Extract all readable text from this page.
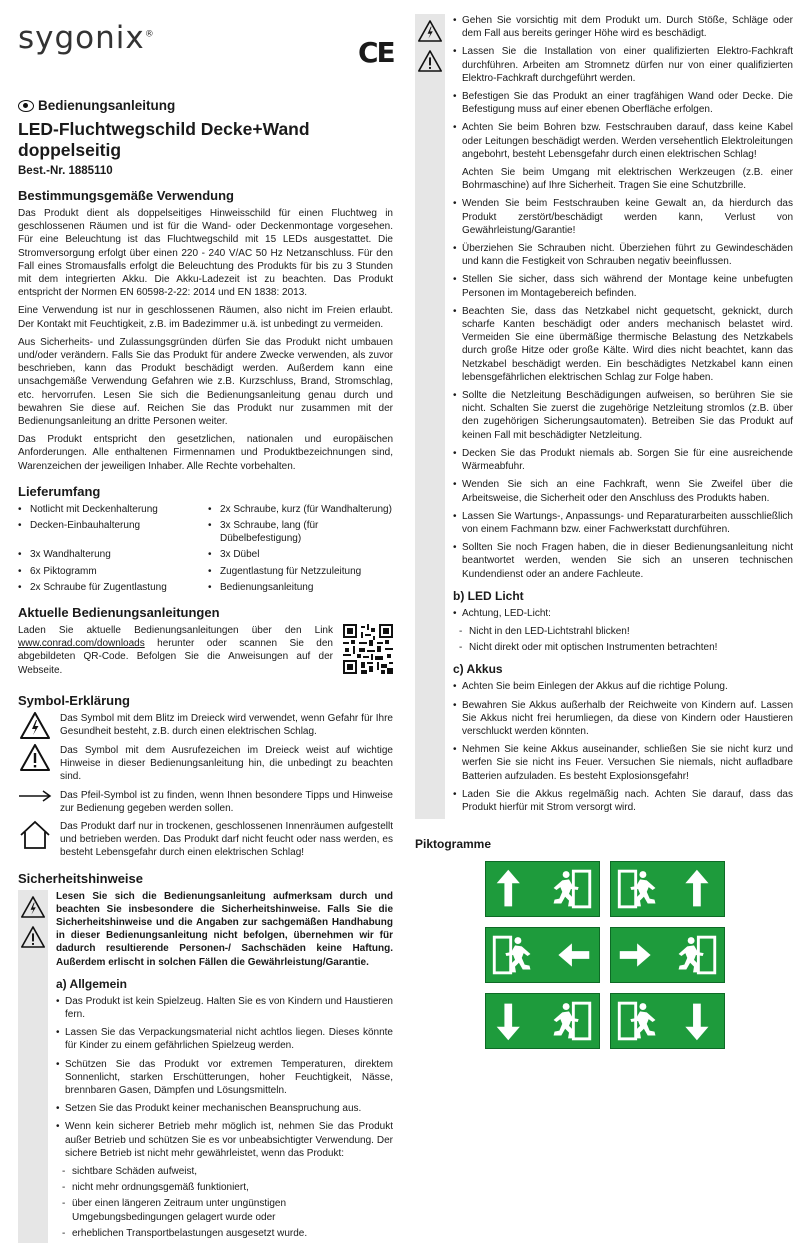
sygonix®
CE
Bedienungsanleitung
LED-Fluchtwegschild Decke+Wand doppelseitig
Best.-Nr. 1885110
Bestimmungsgemäße Verwendung

Das Produkt dient als doppelseitiges Hinweisschild für einen Fluchtweg in geschlossenen Räumen und ist für die Wand- oder Deckenmontage vorgesehen. Für eine Beleuchtung ist das Fluchtwegschild mit 15 LEDs ausgestattet. Die Stromversorgung erfolgt über einen 220 - 240 V/AC 50 Hz Netzanschluss. Für den Fall eines Stromausfalls erfolgt die Beleuchtung des Produkts für bis zu 3 Stunden mit dem integrierten Akku. Die Akku-Ladezeit ist zu beachten. Das Produkt entspricht der Normen EN 60598-2-22: 2014 und EN 1838: 2013.

Eine Verwendung ist nur in geschlossenen Räumen, also nicht im Freien erlaubt. Der Kontakt mit Feuchtigkeit, z.B. im Badezimmer u.ä. ist unbedingt zu vermeiden.

Aus Sicherheits- und Zulassungsgründen dürfen Sie das Produkt nicht umbauen und/oder verändern. Falls Sie das Produkt für andere Zwecke verwenden, als zuvor beschrieben, kann das Produkt beschädigt werden. Außerdem kann eine unsachgemäße Verwendung Gefahren wie z.B. Kurzschluss, Brand, Stromschlag, etc. hervorrufen. Lesen Sie sich die Bedienungsanleitung genau durch und bewahren Sie diese auf. Reichen Sie das Produkt nur zusammen mit der Bedienungsanleitung an dritte Personen weiter.

Das Produkt entspricht den gesetzlichen, nationalen und europäischen Anforderungen. Alle enthaltenen Firmennamen und Produktbezeichnungen sind, Warenzeichen der jeweiligen Inhaber. Alle Rechte vorbehalten.

Lieferumfang
• Notlicht mit Deckenhalterung	• 2x Schraube, kurz (für Wandhalterung)
• Decken-Einbauhalterung	• 3x Schraube, lang (für Dübelbefestigung)
• 3x Wandhalterung	• 3x Dübel
• 6x Piktogramm	• Zugentlastung für Netzzuleitung
• 2x Schraube für Zugentlastung	• Bedienungsanleitung
Aktuelle Bedienungsanleitungen

Laden Sie aktuelle Bedienungsanleitungen über den Link www.conrad.com/downloads herunter oder scannen Sie den abgebildeten QR-Code. Befolgen Sie die Anweisungen auf der Webseite.

Symbol-Erklärung

Das Symbol mit dem Blitz im Dreieck wird verwendet, wenn Gefahr für Ihre Gesundheit besteht, z.B. durch einen elektrischen Schlag.

Das Symbol mit dem Ausrufezeichen im Dreieck weist auf wichtige Hinweise in dieser Bedienungsanleitung hin, die unbedingt zu beachten sind.

Das Pfeil-Symbol ist zu finden, wenn Ihnen besondere Tipps und Hinweise zur Bedienung gegeben werden sollen.

Das Produkt darf nur in trockenen, geschlossenen Innenräumen aufgestellt und betrieben werden. Das Produkt darf nicht feucht oder nass werden, es besteht Lebensgefahr durch einen elektrischen Schlag!

Sicherheitshinweise

Lesen Sie sich die Bedienungsanleitung aufmerksam durch und beachten Sie insbesondere die Sicherheitshinweise. Falls Sie die Sicherheitshinweise und die Angaben zur sachgemäßen Handhabung in dieser Bedienungsanleitung nicht befolgen, übernehmen wir für dadurch resultierende Personen-/ Sachschäden keine Haftung. Außerdem erlischt in solchen Fällen die Gewährleistung/Garantie.

a) Allgemein
• Das Produkt ist kein Spielzeug. Halten Sie es von Kindern und Haustieren fern.
• Lassen Sie das Verpackungsmaterial nicht achtlos liegen. Dieses könnte für Kinder zu einem gefährlichen Spielzeug werden.
• Schützen Sie das Produkt vor extremen Temperaturen, direktem Sonnenlicht, starken Erschütterungen, hoher Feuchtigkeit, Nässe, brennbaren Gasen, Dämpfen und Lösungsmitteln.
• Setzen Sie das Produkt keiner mechanischen Beanspruchung aus.
• Wenn kein sicherer Betrieb mehr möglich ist, nehmen Sie das Produkt außer Betrieb und schützen Sie es vor unbeabsichtigter Verwendung. Der sichere Betrieb ist nicht mehr gewährleistet, wenn das Produkt:
- sichtbare Schäden aufweist,
- nicht mehr ordnungsgemäß funktioniert,
- über einen längeren Zeitraum unter ungünstigen Umgebungsbedingungen gelagert wurde oder
- erheblichen Transportbelastungen ausgesetzt wurde.
• Gehen Sie vorsichtig mit dem Produkt um. Durch Stöße, Schläge oder dem Fall aus bereits geringer Höhe wird es beschädigt.
• Lassen Sie die Installation von einer qualifizierten Elektro-Fachkraft durchführen. Arbeiten am Stromnetz dürfen nur von einer qualifizierten Elektro-Fachkraft durchgeführt werden.
• Befestigen Sie das Produkt an einer tragfähigen Wand oder Decke. Die Befestigung muss auf einer ebenen Oberfläche erfolgen.
• Achten Sie beim Bohren bzw. Festschrauben darauf, dass keine Kabel oder Leitungen beschädigt werden. Werden versehentlich Elektroleitungen angebohrt, besteht Lebensgefahr durch einen elektrischen Schlag!

Achten Sie beim Umgang mit elektrischen Werkzeugen (z.B. einer Bohrmaschine) auf Ihre Sicherheit. Tragen Sie eine Schutzbrille.

• Wenden Sie beim Festschrauben keine Gewalt an, da hierdurch das Produkt zerstört/beschädigt werden kann, Verlust von Gewährleistung/Garantie!
• Überziehen Sie Schrauben nicht. Überziehen führt zu Gewindeschäden und kann die Festigkeit von Schrauben negativ beeinflussen.
• Stellen Sie sicher, dass sich während der Montage keine unbefugten Personen im Montagebereich befinden.
• Beachten Sie, dass das Netzkabel nicht gequetscht, geknickt, durch scharfe Kanten beschädigt oder anders mechanisch belastet wird. Vermeiden Sie eine übermäßige thermische Belastung des Netzkabels durch große Hitze oder große Kälte. Wird dies nicht beachtet, kann das Netzkabel beschädigt werden. Ein beschädigtes Netzkabel kann einen lebensgefährlichen elektrischen Schlag zur Folge haben.
• Sollte die Netzleitung Beschädigungen aufweisen, so berühren Sie sie nicht. Schalten Sie zuerst die zugehörige Netzleitung stromlos (z.B. über den zugehörigen Sicherungsautomaten). Betreiben Sie das Produkt auf keinen Fall mit beschädigter Netzleitung.
• Decken Sie das Produkt niemals ab. Sorgen Sie für eine ausreichende Wärmeabfuhr.
• Wenden Sie sich an eine Fachkraft, wenn Sie Zweifel über die Arbeitsweise, die Sicherheit oder den Anschluss des Produkts haben.
• Lassen Sie Wartungs-, Anpassungs- und Reparaturarbeiten ausschließlich von einem Fachmann bzw. einer Fachwerkstatt durchführen.
• Sollten Sie noch Fragen haben, die in dieser Bedienungsanleitung nicht beantwortet werden, wenden Sie sich an unseren technischen Kundendienst oder an andere Fachleute.
b) LED Licht
• Achtung, LED-Licht:
- Nicht in den LED-Lichtstrahl blicken!
- Nicht direkt oder mit optischen Instrumenten betrachten!
c) Akkus
• Achten Sie beim Einlegen der Akkus auf die richtige Polung.
• Bewahren Sie Akkus außerhalb der Reichweite von Kindern auf. Lassen Sie Akkus nicht frei herumliegen, da diese von Kindern oder Haustieren verschluckt werden könnten.
• Nehmen Sie keine Akkus auseinander, schließen Sie sie nicht kurz und werfen Sie sie nicht ins Feuer. Versuchen Sie niemals, nicht aufladbare Batterien aufzuladen. Es besteht Explosionsgefahr!
• Laden Sie die Akkus regelmäßig nach. Achten Sie darauf, dass das Produkt hierfür mit Strom versorgt wird.
Piktogramme
